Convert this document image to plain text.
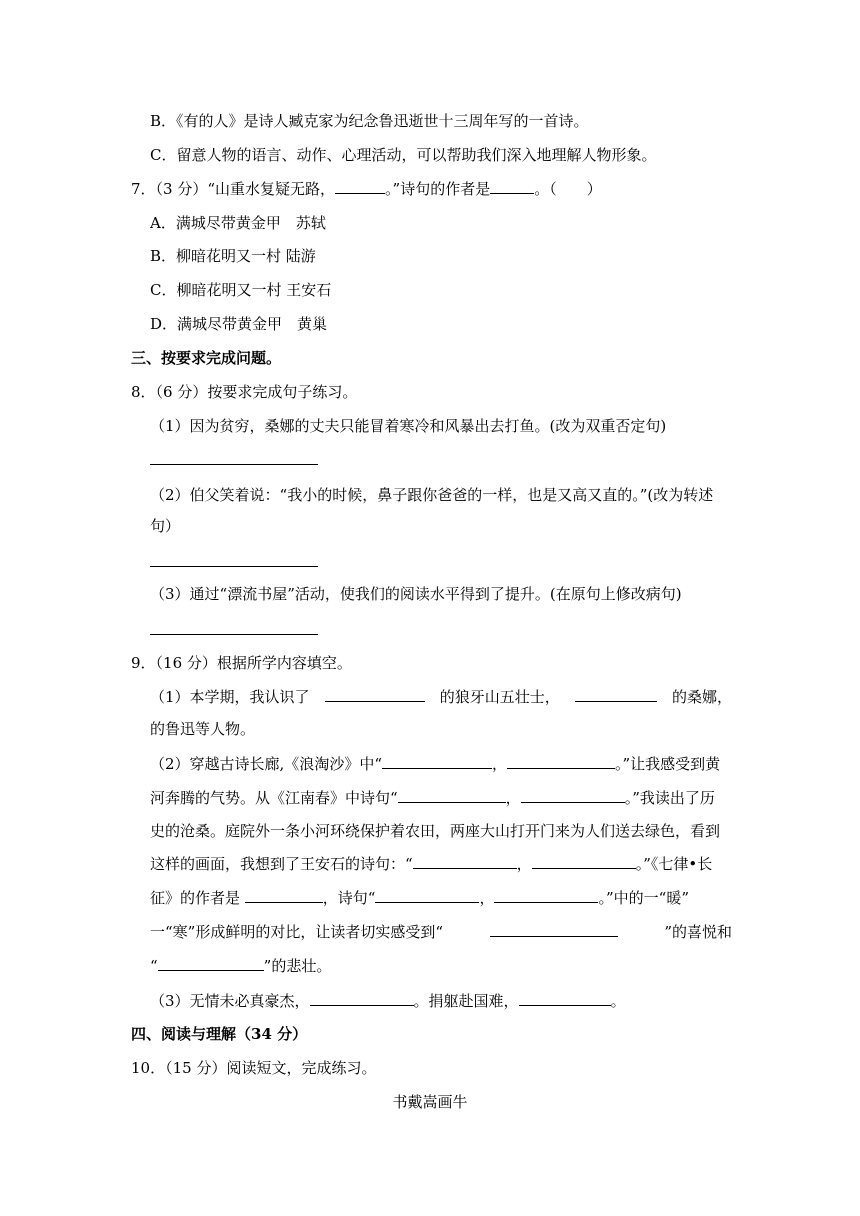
B．《有的人》是诗人臧克家为纪念鲁迅逝世十三周年写的一首诗。
C．留意人物的语言、动作、心理活动，可以帮助我们深入地理解人物形象。
7．（3 分）“山重水复疑无路，	。”诗句的作者是	。（　　）
A．满城尽带黄金甲　苏轼
B．柳暗花明又一村 陆游
C．柳暗花明又一村 王安石
D．满城尽带黄金甲　黄巢
三、按要求完成问题。
8．（6 分）按要求完成句子练习。
（1）因为贫穷，桑娜的丈夫只能冒着寒冷和风暴出去打鱼。(改为双重否定句)
（2）伯父笑着说：“我小的时候，鼻子跟你爸爸的一样，也是又高又直的。”(改为转述
句）
（3）通过“漂流书屋”活动，使我们的阅读水平得到了提升。(在原句上修改病句)
9．（16 分）根据所学内容填空。
（1）本学期，我认识了	的狼牙山五壮士，	的桑娜，
的鲁迅等人物。
（2）穿越古诗长廊,《浪淘沙》中“	，	。”让我感受到黄
河奔腾的气势。从《江南春》中诗句“	，	。”我读出了历
史的沧桑。庭院外一条小河环绕保护着农田，两座大山打开门来为人们送去绿色，看到
这样的画面，我想到了王安石的诗句：“	，	。”《七律•长
征》的作者是	，诗句“	，	。”中的一“暖”
一“寒”形成鲜明的对比，让读者切实感受到“	”的喜悦和
“	”的悲壮。
（3）无情未必真豪杰，	。捐躯赴国难，	。
四、阅读与理解（34 分）
10．（15 分）阅读短文，完成练习。
书戴嵩画牛
